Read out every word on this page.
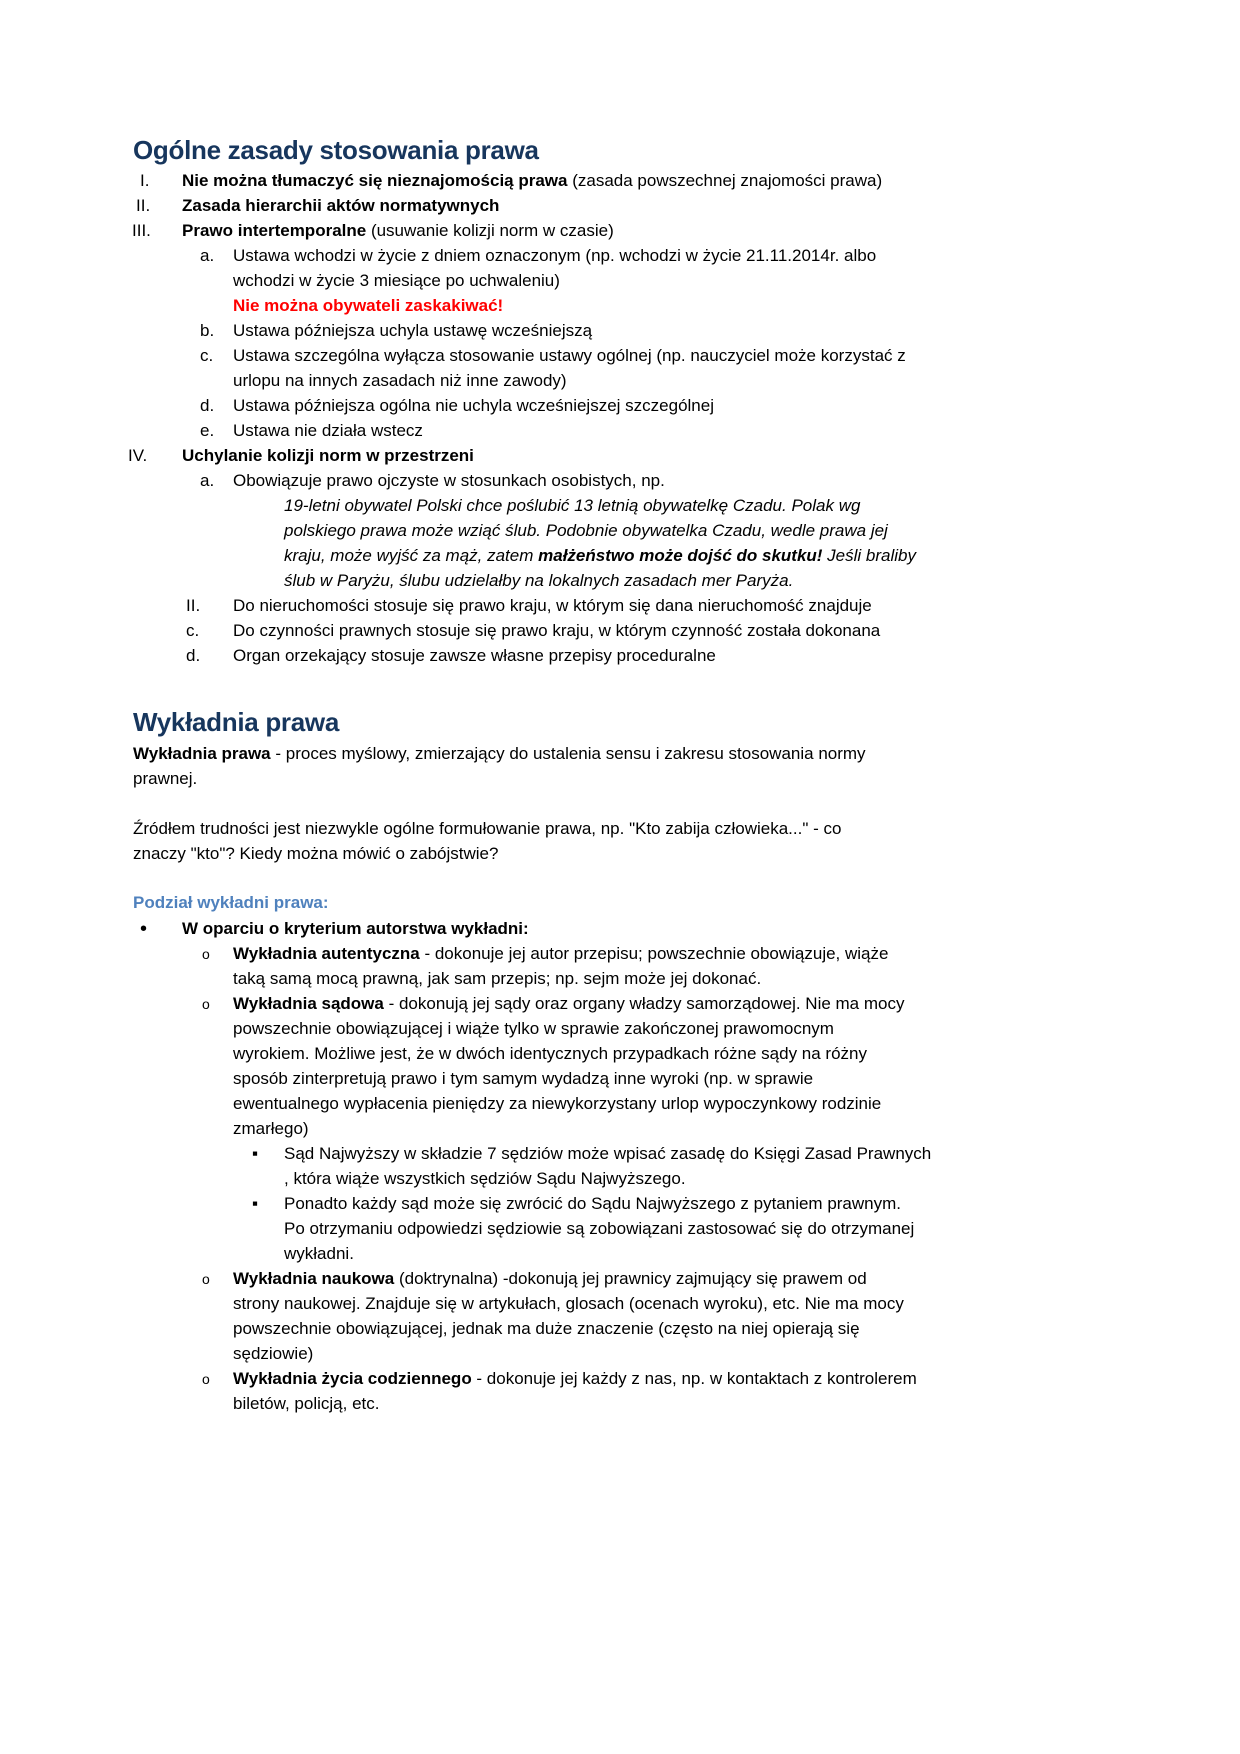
Ogólne zasady stosowania prawa
I. Nie można tłumaczyć się nieznajomością prawa (zasada powszechnej znajomości prawa)
II. Zasada hierarchii aktów normatywnych
III. Prawo intertemporalne (usuwanie kolizji norm w czasie)
a. Ustawa wchodzi w życie z dniem oznaczonym (np. wchodzi w życie 21.11.2014r. albo
wchodzi w życie 3 miesiące po uchwaleniu)
Nie można obywateli zaskakiwać!
b. Ustawa późniejsza uchyla ustawę wcześniejszą
c. Ustawa szczególna wyłącza stosowanie ustawy ogólnej (np. nauczyciel może korzystać z
urlopu na innych zasadach niż inne zawody)
d. Ustawa późniejsza ogólna nie uchyla wcześniejszej szczególnej
e. Ustawa nie działa wstecz
IV. Uchylanie kolizji norm w przestrzeni
a. Obowiązuje prawo ojczyste w stosunkach osobistych, np.
19-letni obywatel Polski chce poślubić 13 letnią obywatelkę Czadu. Polak wg
polskiego prawa może wziąć ślub. Podobnie obywatelka Czadu, wedle prawa jej
kraju, może wyjść za mąż, zatem małżeństwo może dojść do skutku! Jeśli braliby
ślub w Paryżu, ślubu udzielałby na lokalnych zasadach mer Paryża.
II. Do nieruchomości stosuje się prawo kraju, w którym się dana nieruchomość znajduje
c. Do czynności prawnych stosuje się prawo kraju, w którym czynność została dokonana
d. Organ orzekający stosuje zawsze własne przepisy proceduralne
Wykładnia prawa
Wykładnia prawa - proces myślowy, zmierzający do ustalenia sensu i zakresu stosowania normy
prawnej.
Źródłem trudności jest niezwykle ogólne formułowanie prawa, np. "Kto zabija człowieka..." - co
znaczy "kto"? Kiedy można mówić o zabójstwie?
Podział wykładni prawa:
• W oparciu o kryterium autorstwa wykładni:
o Wykładnia autentyczna - dokonuje jej autor przepisu; powszechnie obowiązuje, wiąże
taką samą mocą prawną, jak sam przepis; np. sejm może jej dokonać.
o Wykładnia sądowa - dokonują jej sądy oraz organy władzy samorządowej. Nie ma mocy
powszechnie obowiązującej i wiąże tylko w sprawie zakończonej prawomocnym
wyrokiem. Możliwe jest, że w dwóch identycznych przypadkach różne sądy na różny
sposób zinterpretują prawo i tym samym wydadzą inne wyroki (np. w sprawie
ewentualnego wypłacenia pieniędzy za niewykorzystany urlop wypoczynkowy rodzinie
zmarłego)
▪ Sąd Najwyższy w składzie 7 sędziów może wpisać zasadę do Księgi Zasad Prawnych
, która wiąże wszystkich sędziów Sądu Najwyższego.
▪ Ponadto każdy sąd może się zwrócić do Sądu Najwyższego z pytaniem prawnym.
Po otrzymaniu odpowiedzi sędziowie są zobowiązani zastosować się do otrzymanej
wykładni.
o Wykładnia naukowa (doktrynalna) -dokonują jej prawnicy zajmujący się prawem od
strony naukowej. Znajduje się w artykułach, glosach (ocenach wyroku), etc. Nie ma mocy
powszechnie obowiązującej, jednak ma duże znaczenie (często na niej opierają się
sędziowie)
o Wykładnia życia codziennego - dokonuje jej każdy z nas, np. w kontaktach z kontrolerem
biletów, policją, etc.
